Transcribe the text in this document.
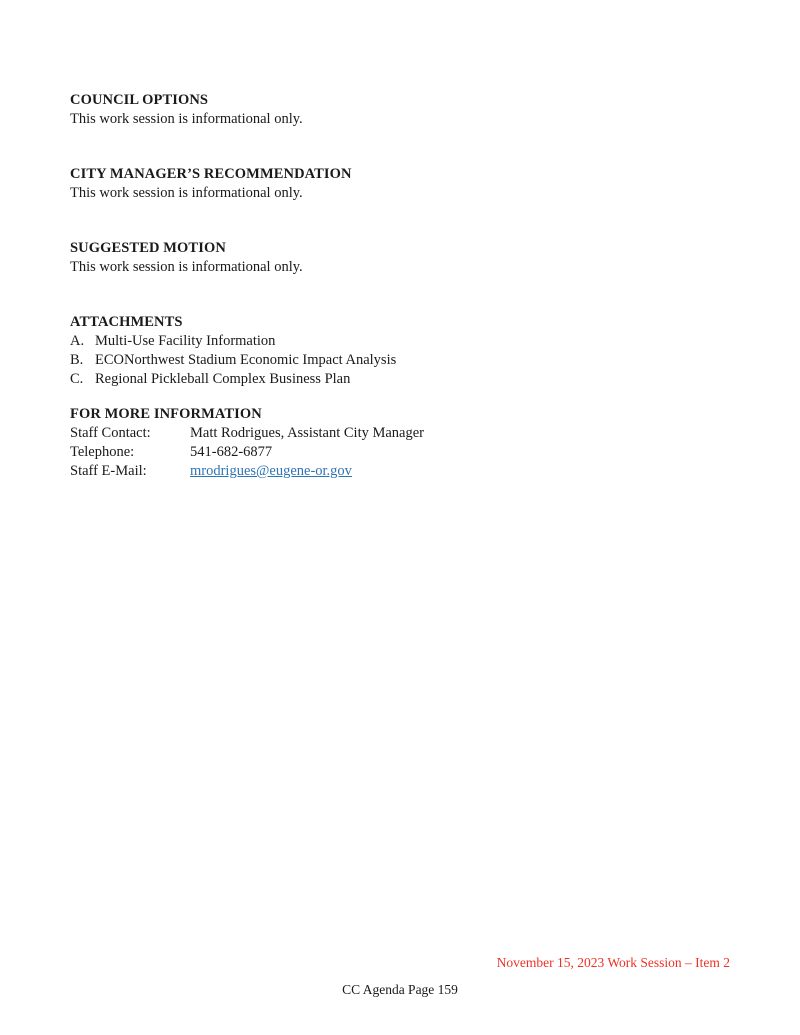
COUNCIL OPTIONS

This work session is informational only.

CITY MANAGER’S RECOMMENDATION

This work session is informational only.

SUGGESTED MOTION

This work session is informational only.

ATTACHMENTS
A. Multi-Use Facility Information
B. ECONorthwest Stadium Economic Impact Analysis
C. Regional Pickleball Complex Business Plan
FOR MORE INFORMATION
Staff Contact:	Matt Rodrigues, Assistant City Manager
Telephone:	541-682-6877
Staff E-Mail:	mrodrigues@eugene-or.gov
November 15, 2023 Work Session – Item 2
CC Agenda Page 159
